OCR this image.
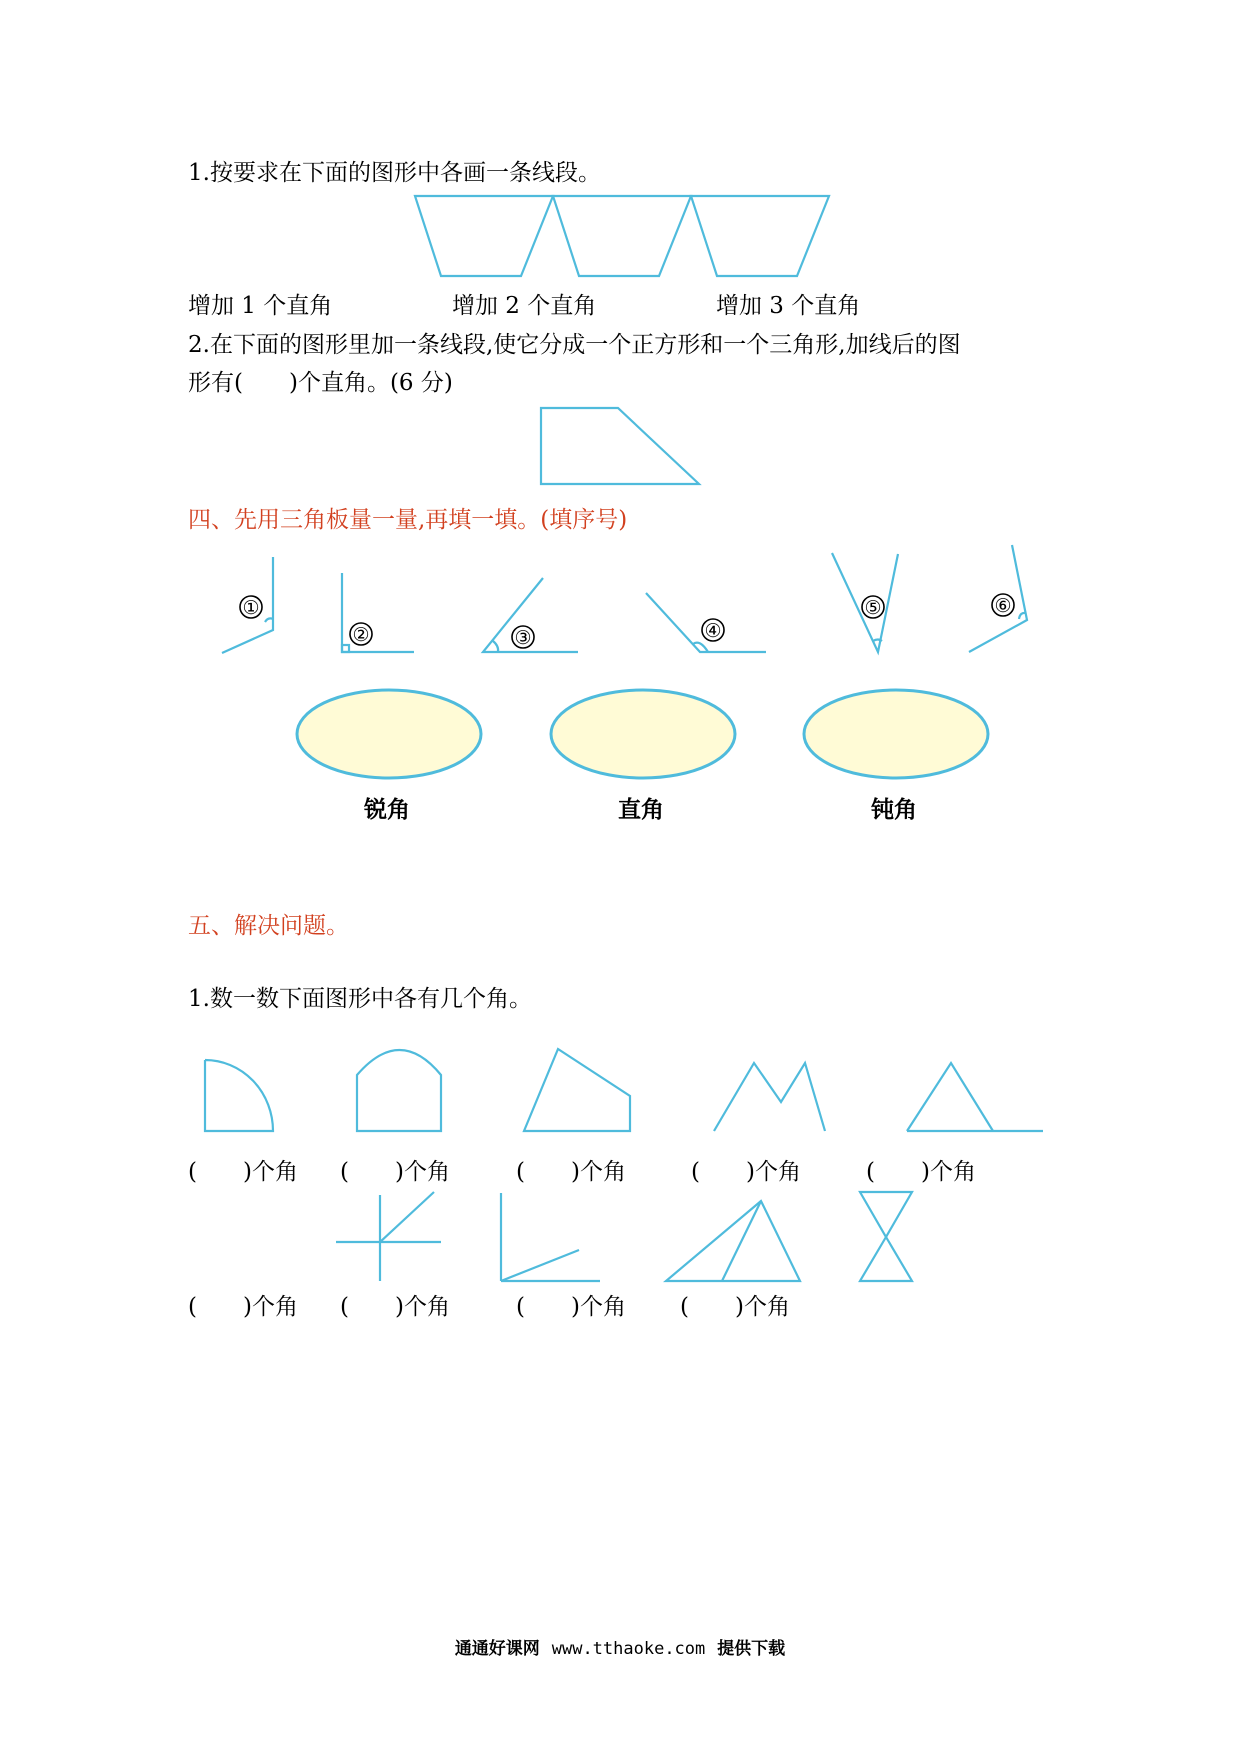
1.按要求在下面的图形中各画一条线段。
增加 1 个直角	增加 2 个直角	增加 3 个直角
2.在下面的图形里加一条线段,使它分成一个正方形和一个三角形,加线后的图
形有(　　)个直角。(6 分)
四、先用三角板量一量,再填一填。(填序号)
五、解决问题。
1.数一数下面图形中各有几个角。
①
②	③	④
⑤	⑥
锐角	直角	钝角
(　　)个角 (　　)个角	(　　)个角	(　　)个角	(　　)个角
(　　)个角 (　　)个角	(　　)个角 (　　)个角
通通好课网 www.tthaoke.com 提供下载
